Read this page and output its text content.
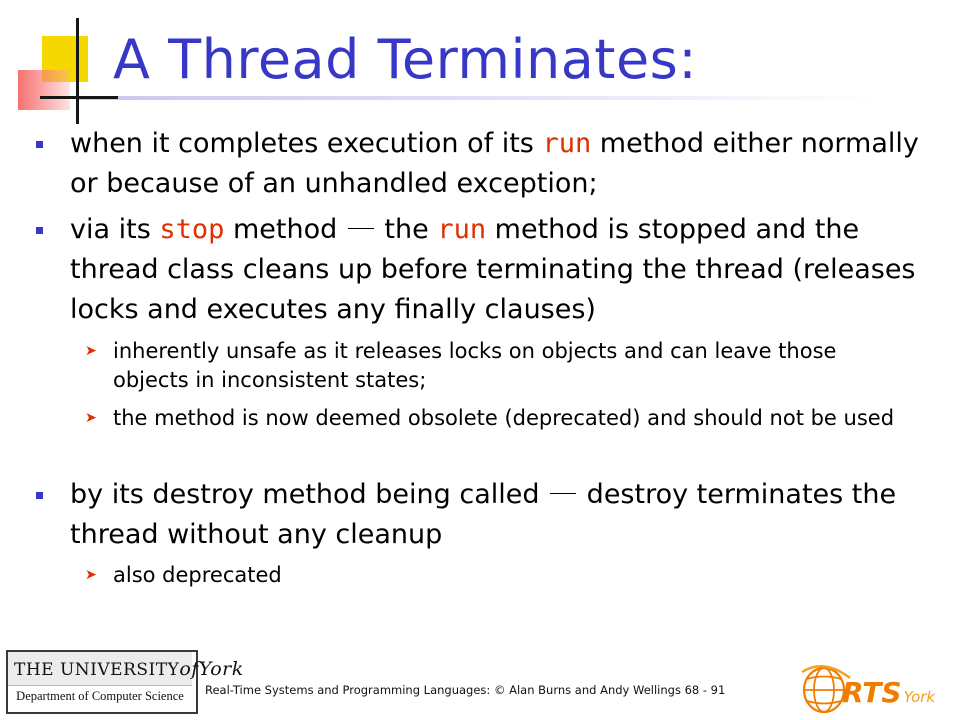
A Thread Terminates:
when it completes execution of its run method either normally or because of an unhandled exception;
via its stop method  the run method is stopped and the thread class cleans up before terminating the thread (releases locks and executes any finally clauses)
➤ inherently unsafe as it releases locks on objects and can leave those objects in inconsistent states;
➤ the method is now deemed obsolete (deprecated) and should not be used
by its destroy method being called  destroy terminates the thread without any cleanup
➤ also deprecated
THE UNIVERSITYofYork
Department of Computer Science	Real-Time Systems and Programming Languages: © Alan Burns and Andy Wellings 68 - 91	RTS York
